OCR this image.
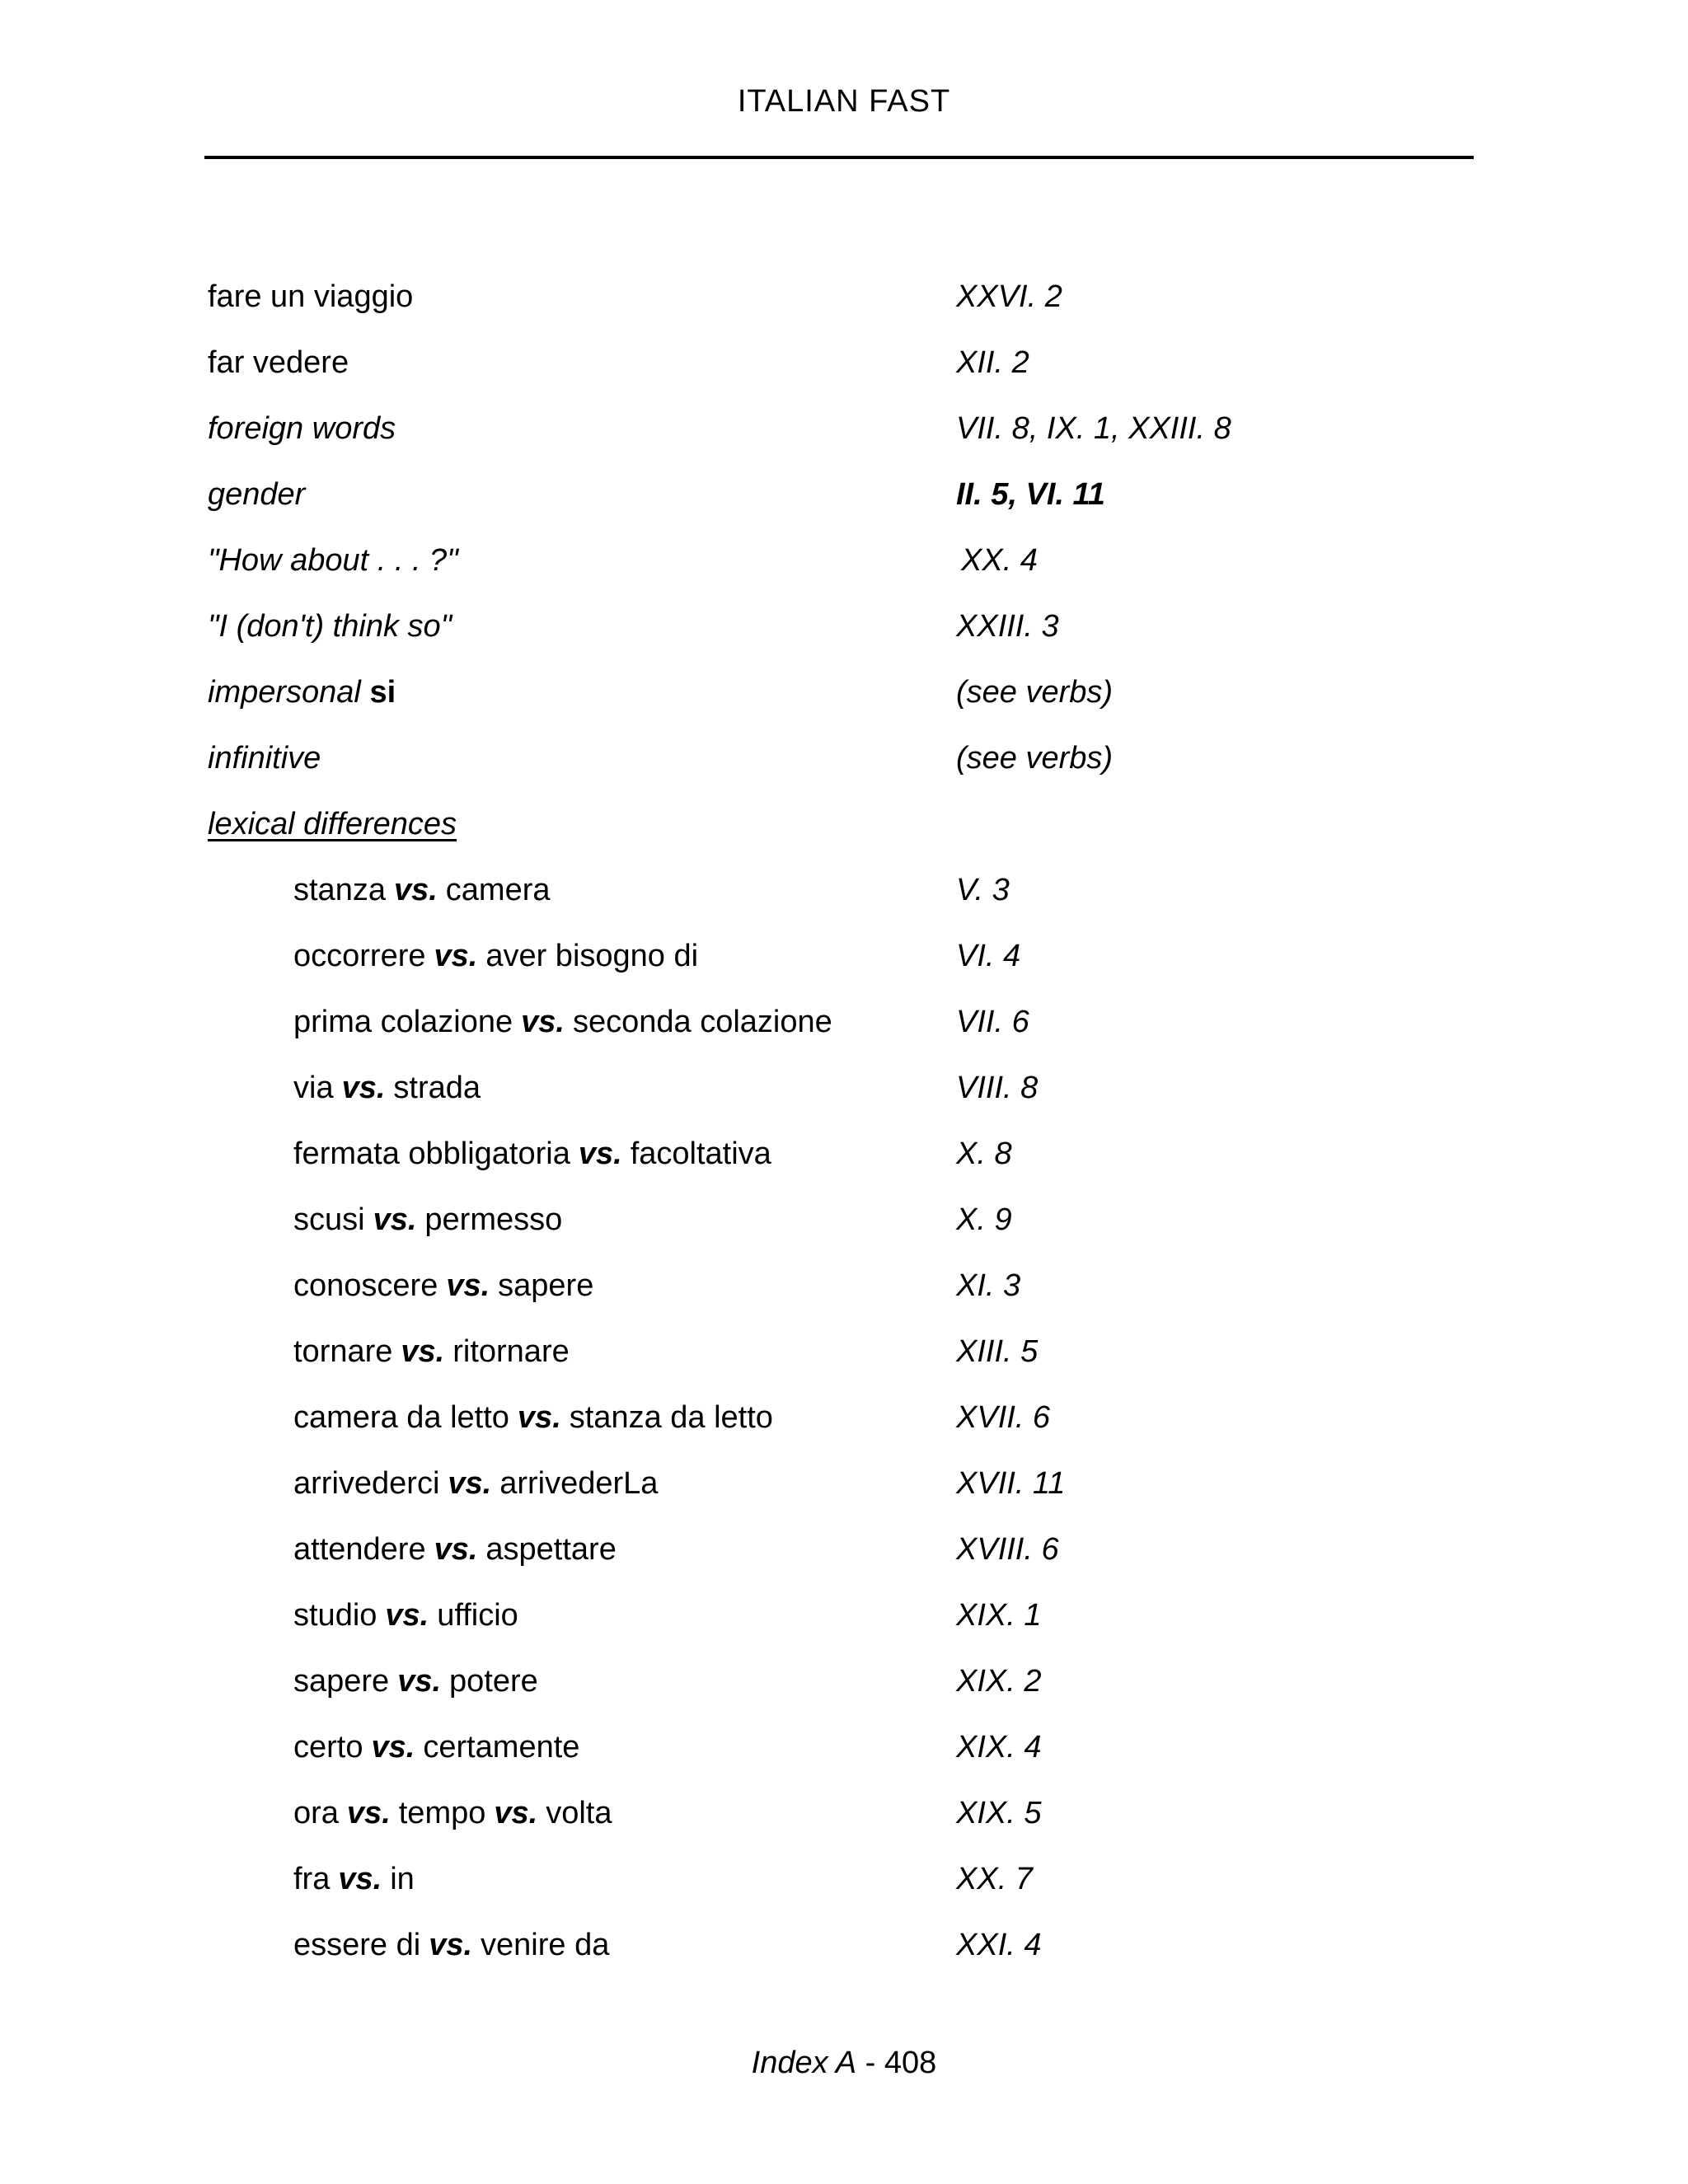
ITALIAN FAST
fare un viaggio	XXVI. 2
far vedere	XII. 2
foreign words	VII. 8, IX. 1, XXIII. 8
gender	II. 5, VI. 11
"How about . . . ?"	XX. 4
"I (don't) think so"	XXIII. 3
impersonal si	(see verbs)
infinitive	(see verbs)
lexical differences
stanza vs. camera	V. 3
occorrere vs. aver bisogno di	VI. 4
prima colazione vs. seconda colazione	VII. 6
via vs. strada	VIII. 8
fermata obbligatoria vs. facoltativa	X. 8
scusi vs. permesso	X. 9
conoscere vs. sapere	XI. 3
tornare vs. ritornare	XIII. 5
camera da letto vs. stanza da letto	XVII. 6
arrivederci vs. arrivederLa	XVII. 11
attendere vs. aspettare	XVIII. 6
studio vs. ufficio	XIX. 1
sapere vs. potere	XIX. 2
certo vs. certamente	XIX. 4
ora vs. tempo vs. volta	XIX. 5
fra vs. in	XX. 7
essere di vs. venire da	XXI. 4
Index A - 408
